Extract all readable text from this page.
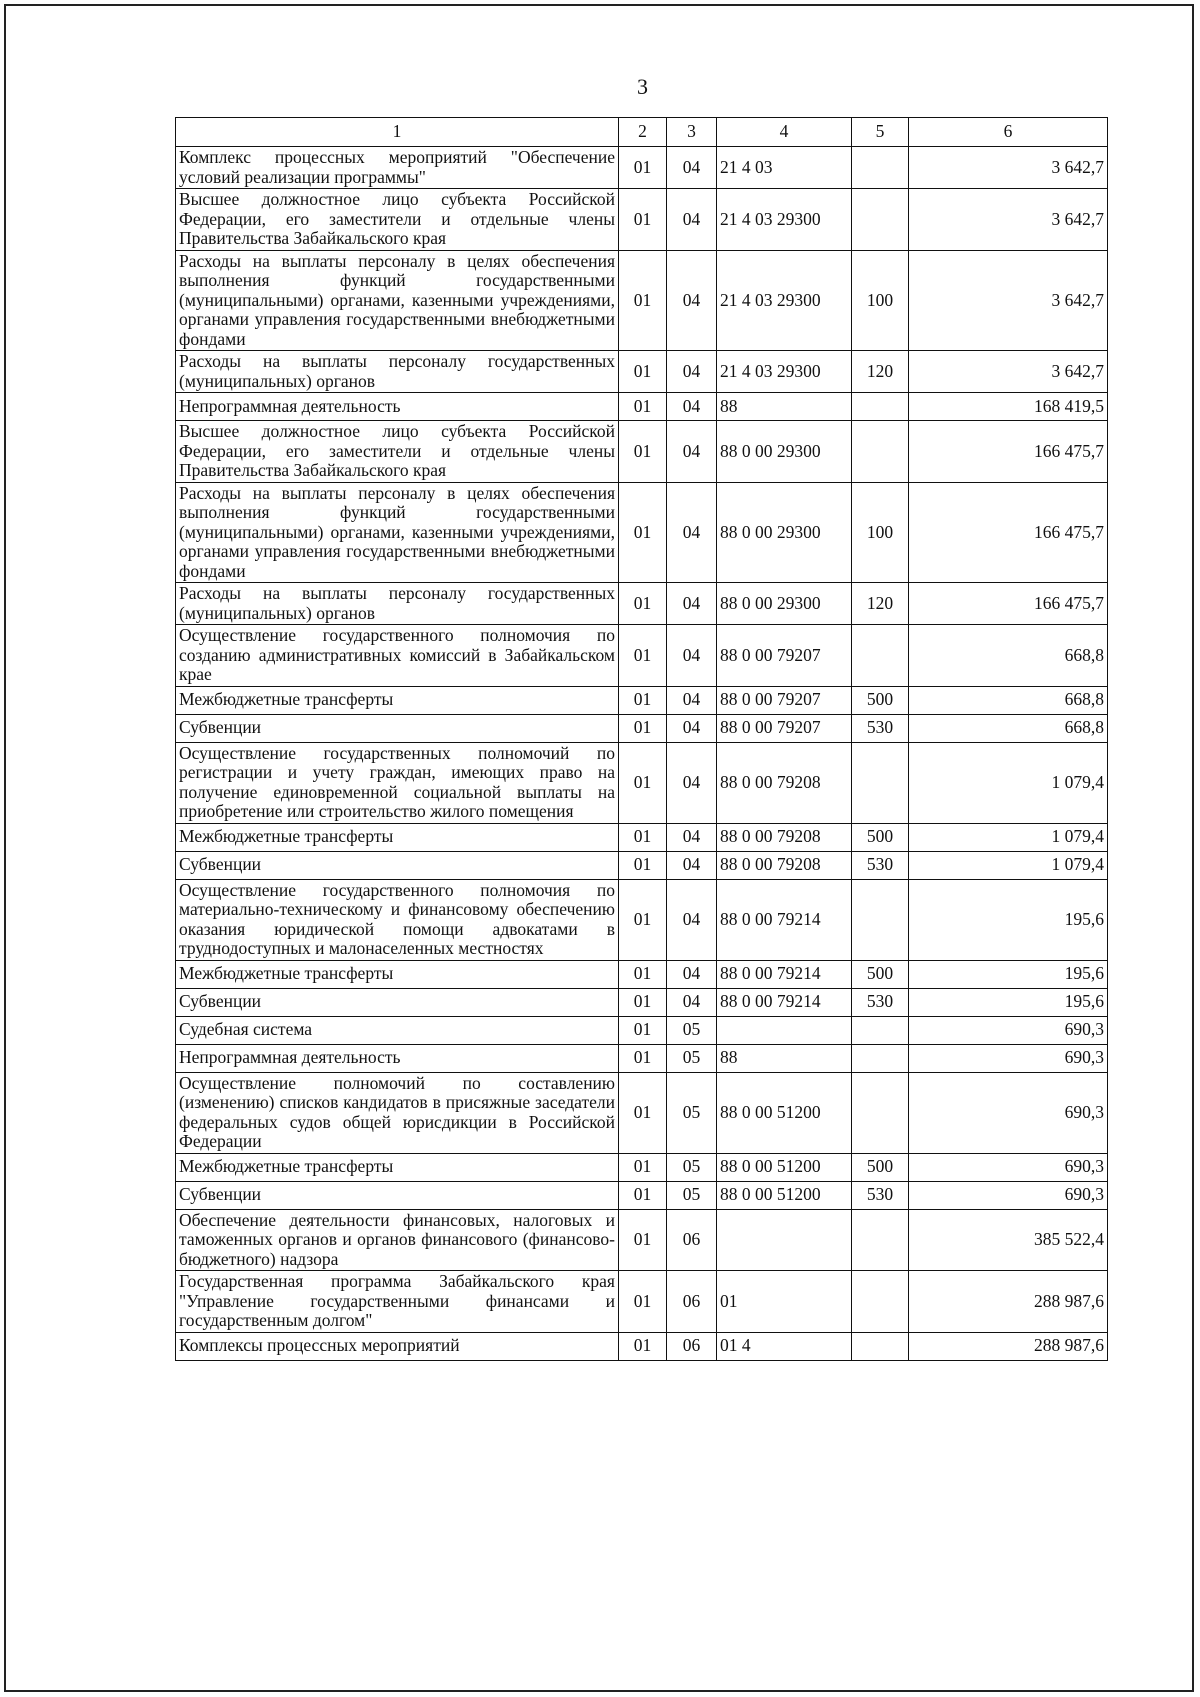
3
1	2	3	4	5	6
Комплекс процессных мероприятий "Обеспечение условий реализации программы"	01	04	21 4 03		3 642,7
Высшее должностное лицо субъекта Российской Федерации, его заместители и отдельные члены Правительства Забайкальского края	01	04	21 4 03 29300		3 642,7
Расходы на выплаты персоналу в целях обеспечения выполнения функций государственными (муниципальными) органами, казенными учреждениями, органами управления государственными внебюджетными фондами	01	04	21 4 03 29300	100	3 642,7
Расходы на выплаты персоналу государственных (муниципальных) органов	01	04	21 4 03 29300	120	3 642,7
Непрограммная деятельность	01	04	88		168 419,5
Высшее должностное лицо субъекта Российской Федерации, его заместители и отдельные члены Правительства Забайкальского края	01	04	88 0 00 29300		166 475,7
Расходы на выплаты персоналу в целях обеспечения выполнения функций государственными (муниципальными) органами, казенными учреждениями, органами управления государственными внебюджетными фондами	01	04	88 0 00 29300	100	166 475,7
Расходы на выплаты персоналу государственных (муниципальных) органов	01	04	88 0 00 29300	120	166 475,7
Осуществление государственного полномочия по созданию административных комиссий в Забайкальском крае	01	04	88 0 00 79207		668,8
Межбюджетные трансферты	01	04	88 0 00 79207	500	668,8
Субвенции	01	04	88 0 00 79207	530	668,8
Осуществление государственных полномочий по регистрации и учету граждан, имеющих право на получение единовременной социальной выплаты на приобретение или строительство жилого помещения	01	04	88 0 00 79208		1 079,4
Межбюджетные трансферты	01	04	88 0 00 79208	500	1 079,4
Субвенции	01	04	88 0 00 79208	530	1 079,4
Осуществление государственного полномочия по материально-техническому и финансовому обеспечению оказания юридической помощи адвокатами в труднодоступных и малонаселенных местностях	01	04	88 0 00 79214		195,6
Межбюджетные трансферты	01	04	88 0 00 79214	500	195,6
Субвенции	01	04	88 0 00 79214	530	195,6
Судебная система	01	05			690,3
Непрограммная деятельность	01	05	88		690,3
Осуществление полномочий по составлению (изменению) списков кандидатов в присяжные заседатели федеральных судов общей юрисдикции в Российской Федерации	01	05	88 0 00 51200		690,3
Межбюджетные трансферты	01	05	88 0 00 51200	500	690,3
Субвенции	01	05	88 0 00 51200	530	690,3
Обеспечение деятельности финансовых, налоговых и таможенных органов и органов финансового (финансово-бюджетного) надзора	01	06			385 522,4
Государственная программа Забайкальского края "Управление государственными финансами и государственным долгом"	01	06	01		288 987,6
Комплексы процессных мероприятий	01	06	01 4		288 987,6
